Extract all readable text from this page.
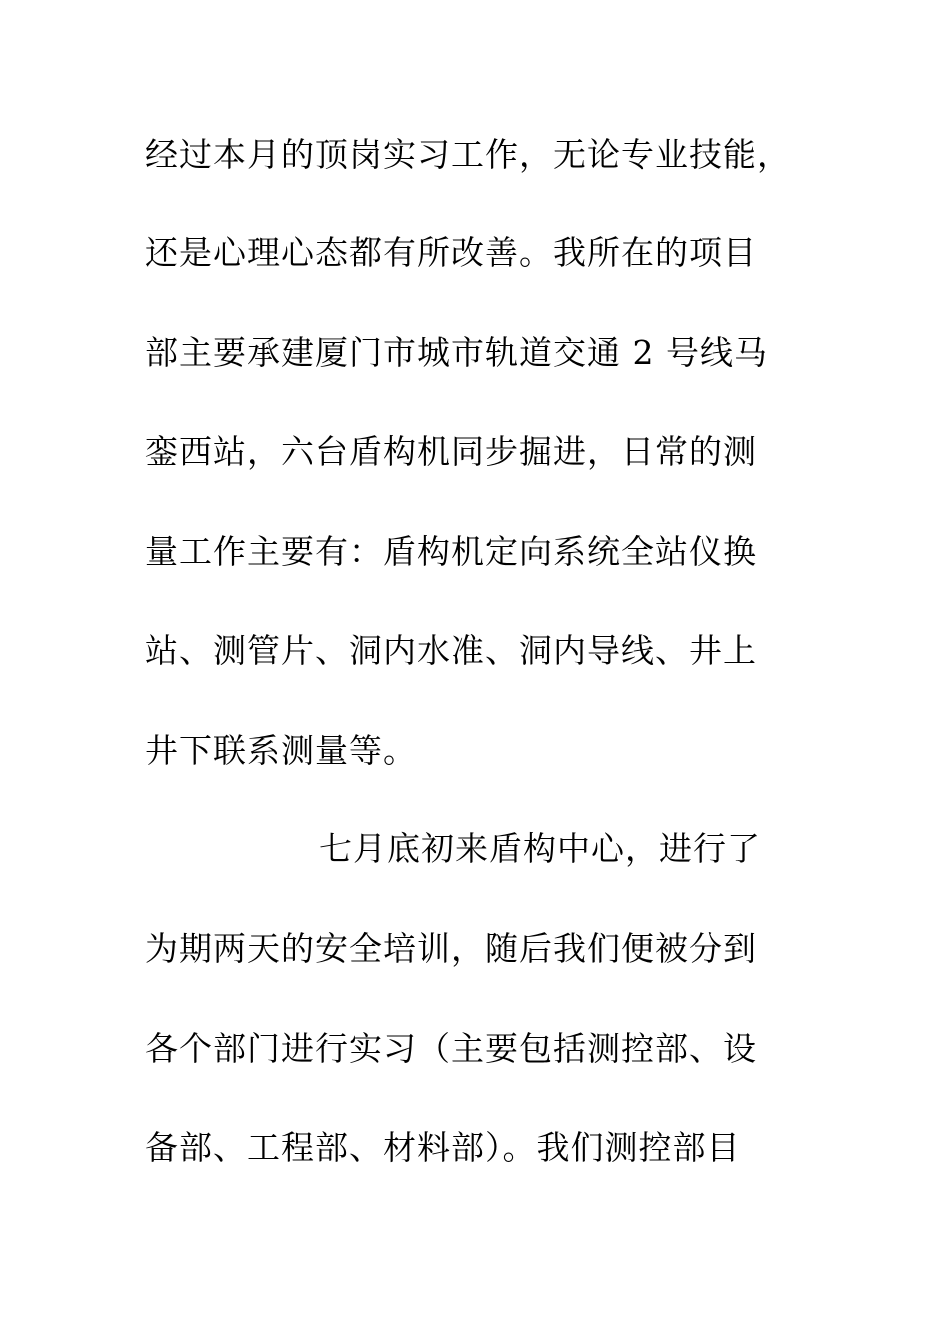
经过本月的顶岗实习工作，无论专业技能，
还是心理心态都有所改善。我所在的项目
部主要承建厦门市城市轨道交通 2 号线马
銮西站，六台盾构机同步掘进，日常的测
量工作主要有：盾构机定向系统全站仪换
站、测管片、洞内水准、洞内导线、井上
井下联系测量等。
七月底初来盾构中心，进行了
为期两天的安全培训，随后我们便被分到
各个部门进行实习（主要包括测控部、设
备部、工程部、材料部）。我们测控部目
